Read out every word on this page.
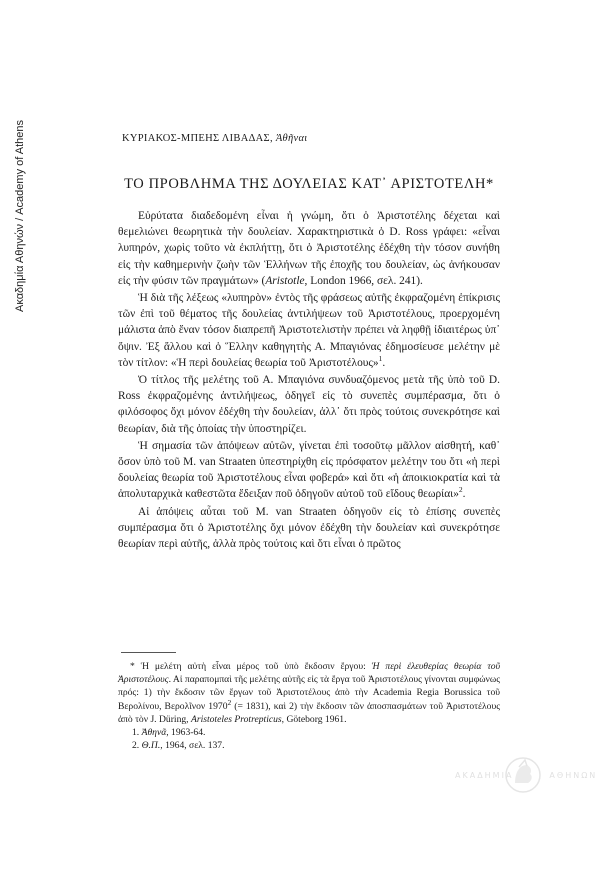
Ακαδημία Αθηνών / Academy of Athens	ΚΥΡΙΑΚΟΣ-ΜΠΕΗΣ ΛΙΒΑΔΑΣ, Ἀθῆναι
ΤΟ ΠΡΟΒΛΗΜΑ ΤΗΣ ΔΟΥΛΕΙΑΣ ΚΑΤ᾽ ΑΡΙΣΤΟΤΕΛΗ*

Εὐρύτατα διαδεδομένη εἶναι ἡ γνώμη, ὅτι ὁ Ἀριστοτέλης δέχεται καὶ θεμελιώνει θεωρητικὰ τὴν δουλείαν. Χαρακτηριστικὰ ὁ D. Ross γράφει: «εἶναι λυπηρόν, χωρὶς τοῦτο νὰ ἐκπλήττῃ, ὅτι ὁ Ἀριστοτέλης ἐδέχθη τὴν τόσον συνήθη εἰς τὴν καθημερινὴν ζωὴν τῶν Ἑλλήνων τῆς ἐποχῆς του δουλείαν, ὡς ἀνήκουσαν εἰς τὴν φύσιν τῶν πραγμάτων» (Aristotle, London 1966, σελ. 241).

Ἡ διὰ τῆς λέξεως «λυπηρὸν» ἐντὸς τῆς φράσεως αὐτῆς ἐκφραζομένη ἐπίκρισις τῶν ἐπὶ τοῦ θέματος τῆς δουλείας ἀντιλήψεων τοῦ Ἀριστοτέλους, προερχομένη μάλιστα ἀπὸ ἕναν τόσον διαπρεπῆ Ἀριστοτελιστὴν πρέπει νὰ ληφθῇ ἰδιαιτέρως ὑπ᾽ ὄψιν. Ἐξ ἄλλου καὶ ὁ Ἕλλην καθηγητὴς Α. Μπαγιόνας ἐδημοσίευσε μελέτην μὲ τὸν τίτλον: «Ἡ περὶ δουλείας θεωρία τοῦ Ἀριστοτέλους»$^1$.

Ὁ τίτλος τῆς μελέτης τοῦ Α. Μπαγιόνα συνδυαζόμενος μετὰ τῆς ὑπὸ τοῦ D. Ross ἐκφραζομένης ἀντιλήψεως, ὁδηγεῖ εἰς τὸ συνεπὲς συμπέρασμα, ὅτι ὁ φιλόσοφος ὄχι μόνον ἐδέχθη τὴν δουλείαν, ἀλλ᾽ ὅτι πρὸς τούτοις συνεκρότησε καὶ θεωρίαν, διὰ τῆς ὁποίας τὴν ὑποστηρίζει.

Ἡ σημασία τῶν ἀπόψεων αὐτῶν, γίνεται ἐπὶ τοσοῦτῳ μᾶλλον αἰσθητή, καθ᾽ ὅσον ὑπὸ τοῦ M. van Straaten ὑπεστηρίχθη εἰς πρόσφατον μελέτην του ὅτι «ἡ περὶ δουλείας θεωρία τοῦ Ἀριστοτέλους εἶναι φοβερά» καὶ ὅτι «ἡ ἀποικιοκρατία καὶ τὰ ἀπολυταρχικὰ καθεστῶτα ἔδειξαν ποῦ ὁδηγοῦν αὐτοῦ τοῦ εἴδους θεωρίαι»$^2$.

Αἱ ἀπόψεις αὗται τοῦ M. van Straaten ὁδηγοῦν εἰς τὸ ἐπίσης συνεπὲς συμπέρασμα ὅτι ὁ Ἀριστοτέλης ὄχι μόνον ἐδέχθη τὴν δουλείαν καὶ συνεκρότησε θεωρίαν περὶ αὐτῆς, ἀλλὰ πρὸς τούτοις καὶ ὅτι εἶναι ὁ πρῶτος

* Ἡ μελέτη αὐτὴ εἶναι μέρος τοῦ ὑπὸ ἔκδοσιν ἔργου: Ἡ περὶ ἐλευθερίας θεωρία τοῦ Ἀριστοτέλους. Αἱ παραπομπαὶ τῆς μελέτης αὐτῆς εἰς τὰ ἔργα τοῦ Ἀριστοτέλους γίνονται συμφώνως πρός: 1) τὴν ἔκδοσιν τῶν ἔργων τοῦ Ἀριστοτέλους ἀπὸ τὴν Academia Regia Borussica τοῦ Βερολίνου, Βερολῖνον 1970$^2$ (= 1831), καὶ 2) τὴν ἔκδοσιν τῶν ἀποσπασμάτων τοῦ Ἀριστοτέλους ἀπὸ τὸν J. Düring, Aristoteles Protrepticus, Göteborg 1961.

1. Ἀθηνᾶ, 1963-64.

2. Θ.Π., 1964, σελ. 137.

ΑΚΑΔΗΜΙΑ	ΑΘΗΝΩΝ
